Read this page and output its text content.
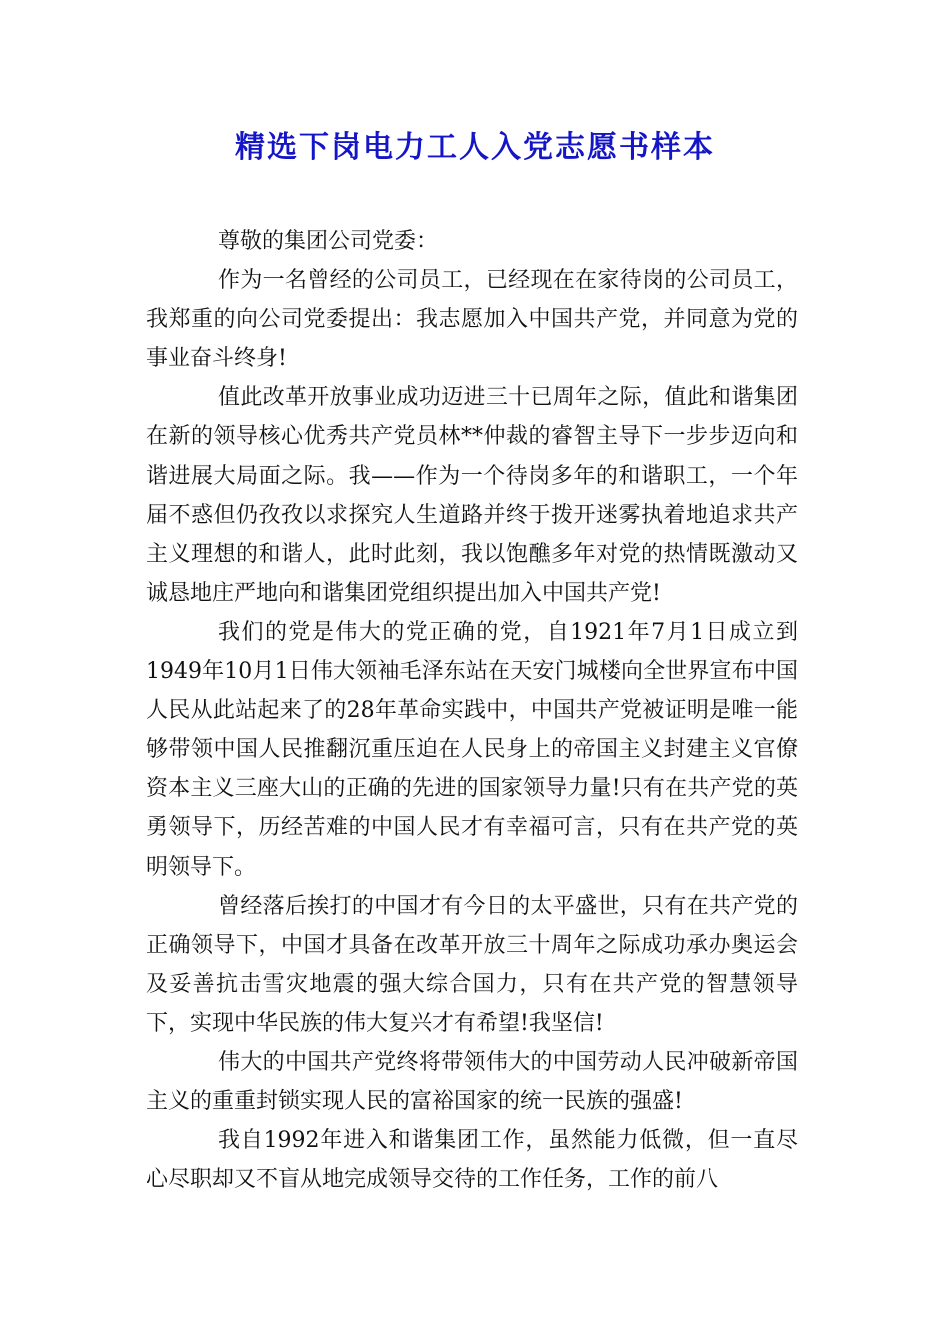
精选下岗电力工人入党志愿书样本

尊敬的集团公司党委：

作为一名曾经的公司员工，已经现在在家待岗的公司员工，我郑重的向公司党委提出：我志愿加入中国共产党，并同意为党的事业奋斗终身!

值此改革开放事业成功迈进三十已周年之际，值此和谐集团在新的领导核心优秀共产党员林**仲裁的睿智主导下一步步迈向和谐进展大局面之际。我——作为一个待岗多年的和谐职工，一个年届不惑但仍孜孜以求探究人生道路并终于拨开迷雾执着地追求共产主义理想的和谐人，此时此刻，我以饱醮多年对党的热情既激动又诚恳地庄严地向和谐集团党组织提出加入中国共产党!

我们的党是伟大的党正确的党，自1921年7月1日成立到1949年10月1日伟大领袖毛泽东站在天安门城楼向全世界宣布中国人民从此站起来了的28年革命实践中，中国共产党被证明是唯一能够带领中国人民推翻沉重压迫在人民身上的帝国主义封建主义官僚资本主义三座大山的正确的先进的国家领导力量!只有在共产党的英勇领导下，历经苦难的中国人民才有幸福可言，只有在共产党的英明领导下。

曾经落后挨打的中国才有今日的太平盛世，只有在共产党的正确领导下，中国才具备在改革开放三十周年之际成功承办奥运会及妥善抗击雪灾地震的强大综合国力，只有在共产党的智慧领导下，实现中华民族的伟大复兴才有希望!我坚信!

伟大的中国共产党终将带领伟大的中国劳动人民冲破新帝国主义的重重封锁实现人民的富裕国家的统一民族的强盛!

我自1992年进入和谐集团工作，虽然能力低微，但一直尽心尽职却又不盲从地完成领导交待的工作任务，工作的前八
